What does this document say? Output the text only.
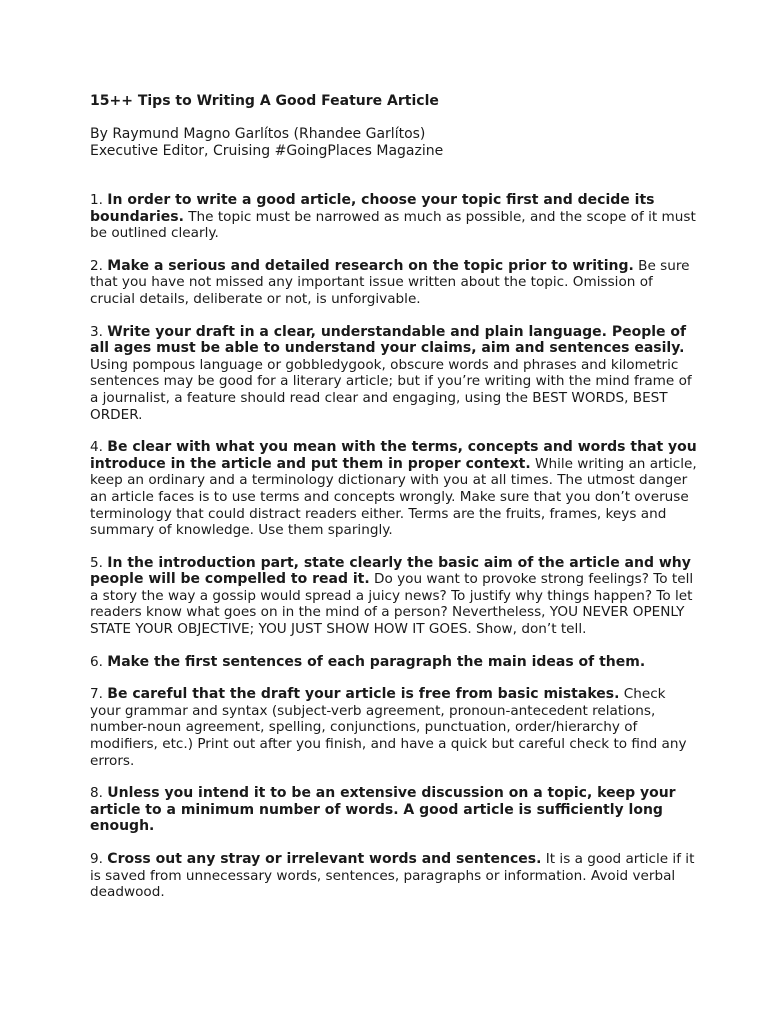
15++ Tips to Writing A Good Feature Article
By Raymund Magno Garlítos (Rhandee Garlítos)
Executive Editor, Cruising #GoingPlaces Magazine
1. In order to write a good article, choose your topic first and decide its boundaries. The topic must be narrowed as much as possible, and the scope of it must be outlined clearly.
2. Make a serious and detailed research on the topic prior to writing. Be sure that you have not missed any important issue written about the topic. Omission of crucial details, deliberate or not, is unforgivable.
3. Write your draft in a clear, understandable and plain language. People of all ages must be able to understand your claims, aim and sentences easily. Using pompous language or gobbledygook, obscure words and phrases and kilometric sentences may be good for a literary article; but if you’re writing with the mind frame of a journalist, a feature should read clear and engaging, using the BEST WORDS, BEST ORDER.
4. Be clear with what you mean with the terms, concepts and words that you introduce in the article and put them in proper context. While writing an article, keep an ordinary and a terminology dictionary with you at all times. The utmost danger an article faces is to use terms and concepts wrongly. Make sure that you don’t overuse terminology that could distract readers either. Terms are the fruits, frames, keys and summary of knowledge. Use them sparingly.
5. In the introduction part, state clearly the basic aim of the article and why people will be compelled to read it. Do you want to provoke strong feelings? To tell a story the way a gossip would spread a juicy news? To justify why things happen? To let readers know what goes on in the mind of a person? Nevertheless, YOU NEVER OPENLY STATE YOUR OBJECTIVE; YOU JUST SHOW HOW IT GOES. Show, don’t tell.
6. Make the first sentences of each paragraph the main ideas of them.
7. Be careful that the draft your article is free from basic mistakes. Check your grammar and syntax (subject-verb agreement, pronoun-antecedent relations, number-noun agreement, spelling, conjunctions, punctuation, order/hierarchy of modifiers, etc.) Print out after you finish, and have a quick but careful check to find any errors.
8. Unless you intend it to be an extensive discussion on a topic, keep your article to a minimum number of words. A good article is sufficiently long enough.
9. Cross out any stray or irrelevant words and sentences. It is a good article if it is saved from unnecessary words, sentences, paragraphs or information. Avoid verbal deadwood.
